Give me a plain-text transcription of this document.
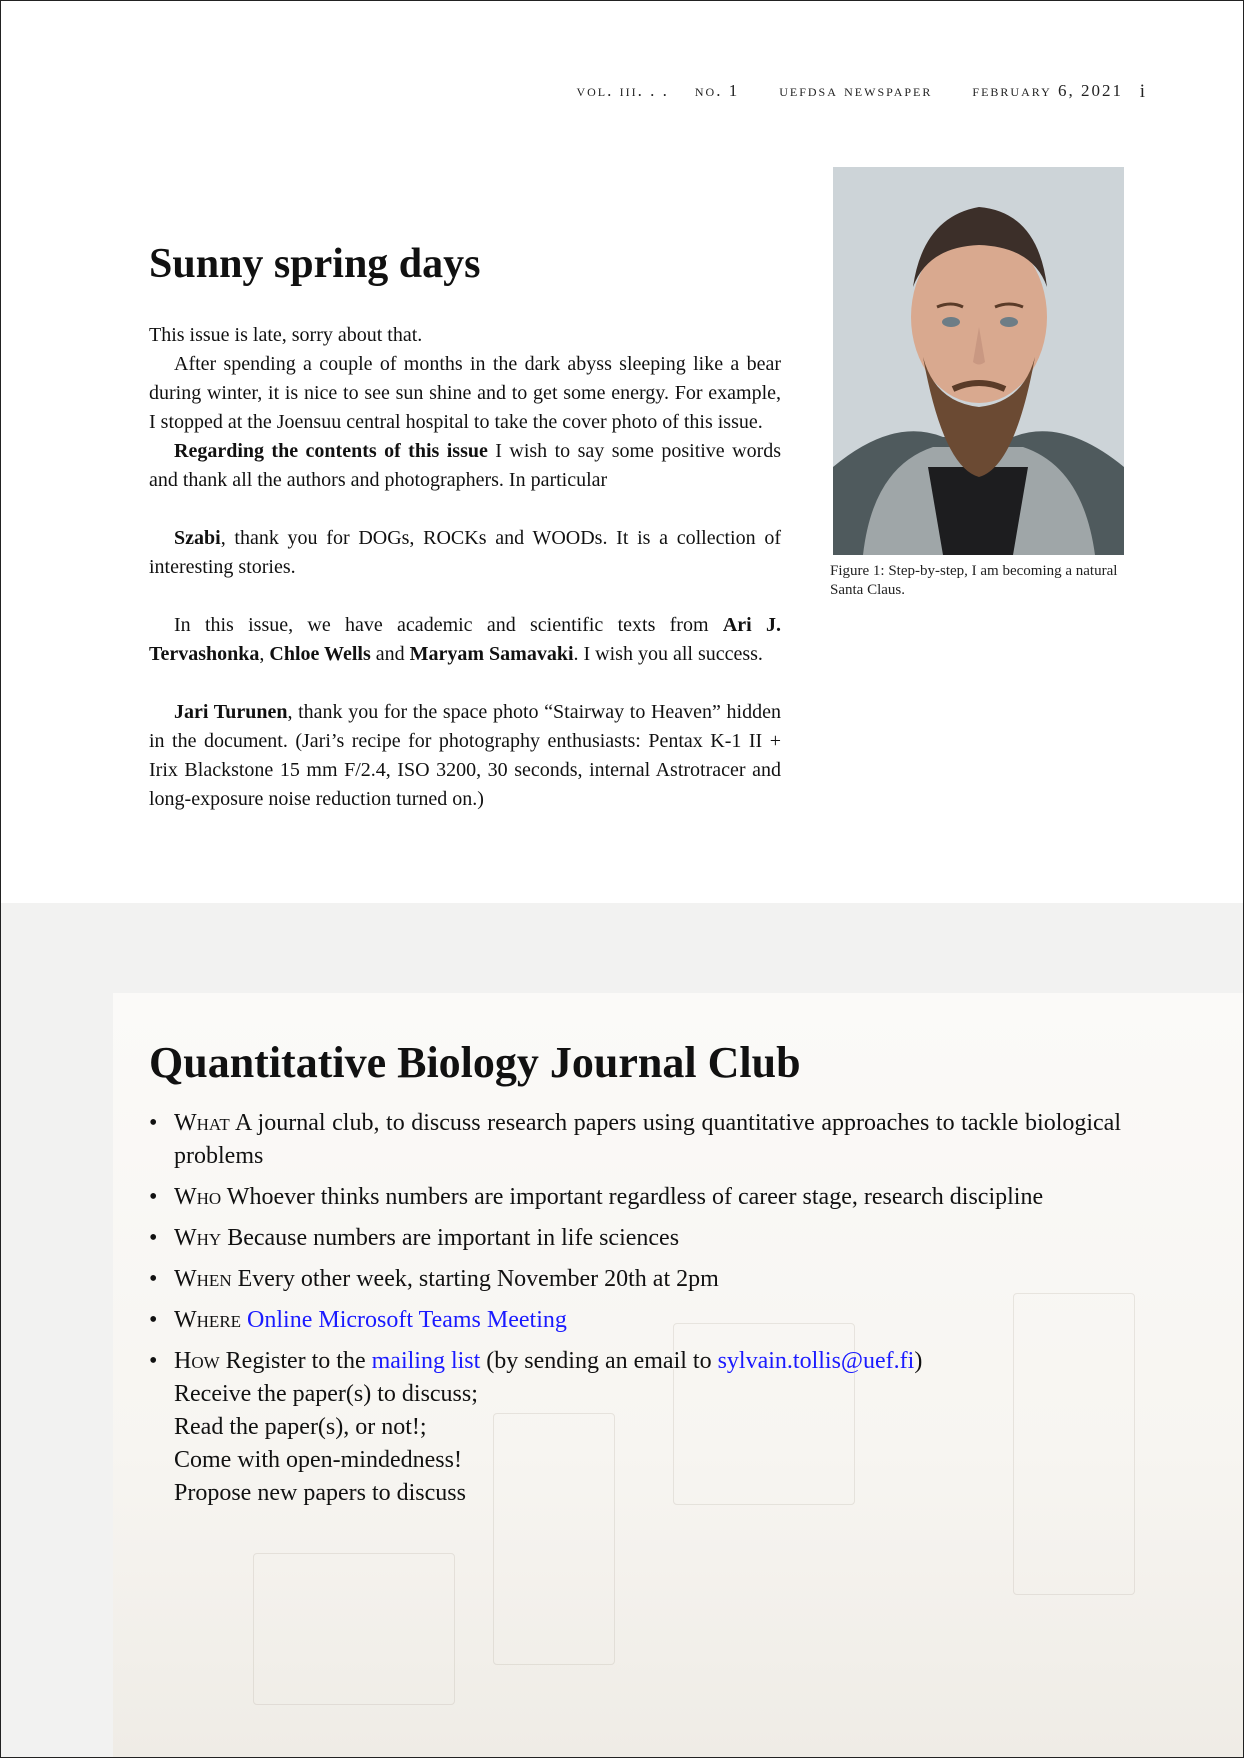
vol. iii. . . no. 1 uefdsa newspaper february 6, 2021 i
Sunny spring days

This issue is late, sorry about that.

After spending a couple of months in the dark abyss sleeping like a bear during winter, it is nice to see sun shine and to get some energy. For example, I stopped at the Joensuu central hospital to take the cover photo of this issue.

Regarding the contents of this issue I wish to say some positive words and thank all the authors and photographers. In particular

Szabi, thank you for DOGs, ROCKs and WOODs. It is a collection of interesting stories.

In this issue, we have academic and scientific texts from Ari J. Tervashonka, Chloe Wells and Maryam Samavaki. I wish you all success.

Jari Turunen, thank you for the space photo “Stairway to Heaven” hidden in the document. (Jari’s recipe for photography enthusiasts: Pentax K-1 II + Irix Blackstone 15 mm F/2.4, ISO 3200, 30 seconds, internal Astrotracer and long-exposure noise reduction turned on.)

Figure 1: Step-by-step, I am becoming a natural Santa Claus.
Quantitative Biology Journal Club
• What A journal club, to discuss research papers using quantitative approaches to tackle biological problems
• Who Whoever thinks numbers are important regardless of career stage, research discipline
• Why Because numbers are important in life sciences
• When Every other week, starting November 20th at 2pm
• Where Online Microsoft Teams Meeting
• How Register to the mailing list (by sending an email to sylvain.tollis@uef.fi)
Receive the paper(s) to discuss;
Read the paper(s), or not!;
Come with open-mindedness!
Propose new papers to discuss
